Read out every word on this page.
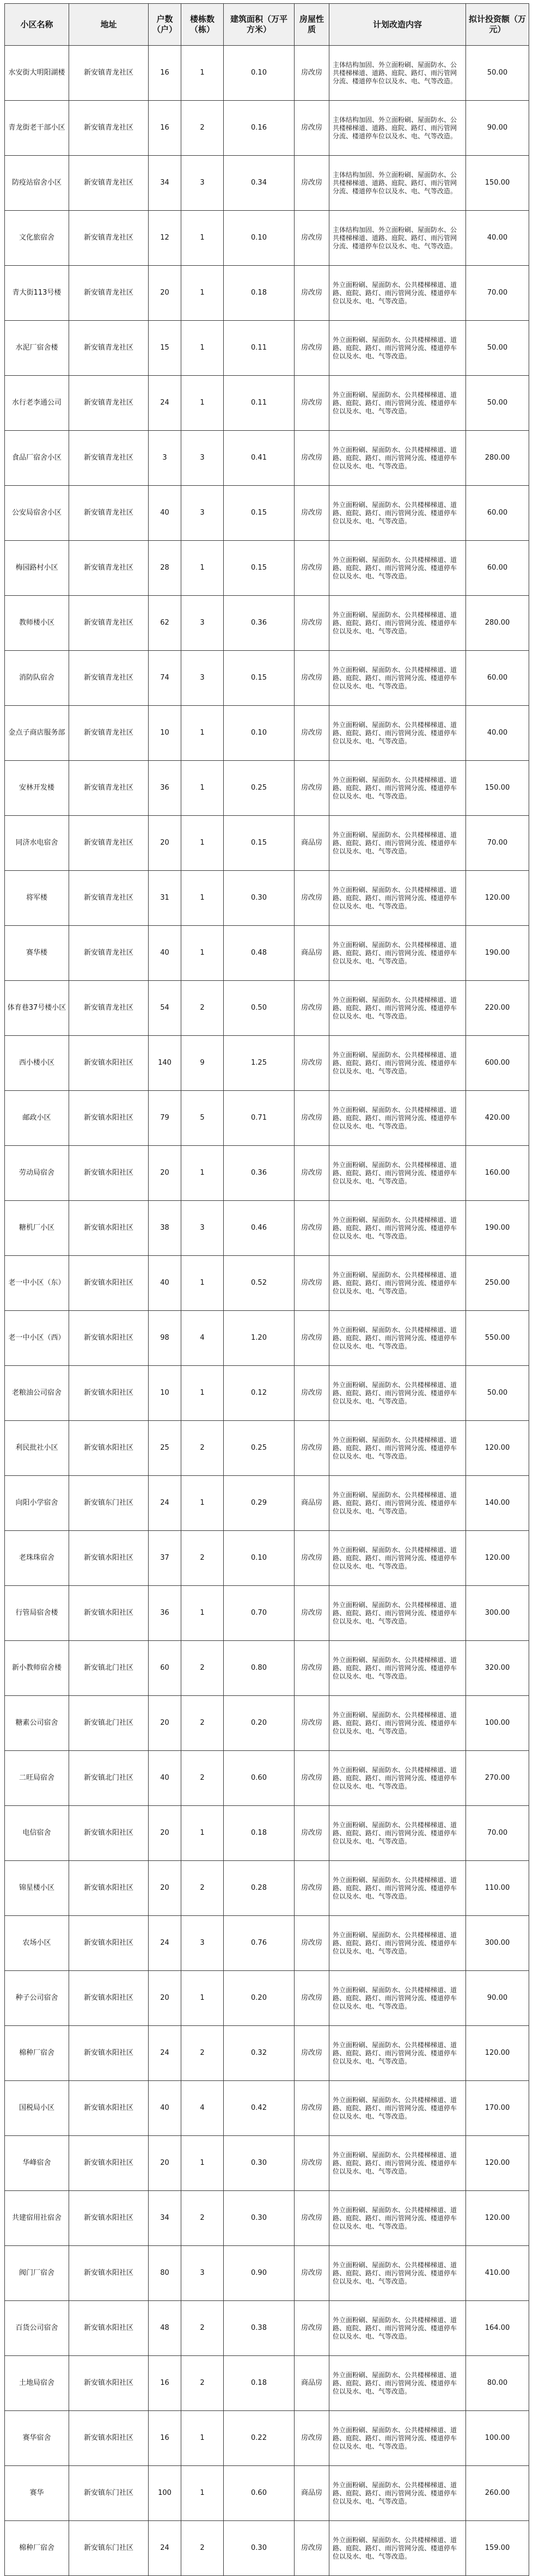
小区名称	地址	户数（户）	楼栋数（栋）	建筑面积（万平方米）	房屋性质	计划改造内容	拟计投资额（万元）
水安街大明阳湖楼	新安镇青龙社区	16	1	0.10	房改房	主体结构加固、外立面粉刷、屋面防水、公共楼梯梯道、道路、庭院、路灯、雨污管网分流、楼道停车位以及水、电、气等改造。	50.00
青龙街老干部小区	新安镇青龙社区	16	2	0.16	房改房	主体结构加固、外立面粉刷、屋面防水、公共楼梯梯道、道路、庭院、路灯、雨污管网分流、楼道停车位以及水、电、气等改造。	90.00
防疫站宿舍小区	新安镇青龙社区	34	3	0.34	房改房	主体结构加固、外立面粉刷、屋面防水、公共楼梯梯道、道路、庭院、路灯、雨污管网分流、楼道停车位以及水、电、气等改造。	150.00
文化旅宿舍	新安镇青龙社区	12	1	0.10	房改房	主体结构加固、外立面粉刷、屋面防水、公共楼梯梯道、道路、庭院、路灯、雨污管网分流、楼道停车位以及水、电、气等改造。	40.00
青大街113号楼	新安镇青龙社区	20	1	0.18	房改房	外立面粉刷、屋面防水、公共楼梯梯道、道路、庭院、路灯、雨污管网分流、楼道停车位以及水、电、气等改造。	70.00
水泥厂宿舍楼	新安镇青龙社区	15	1	0.11	房改房	外立面粉刷、屋面防水、公共楼梯梯道、道路、庭院、路灯、雨污管网分流、楼道停车位以及水、电、气等改造。	50.00
水行老李通公司	新安镇青龙社区	24	1	0.11	房改房	外立面粉刷、屋面防水、公共楼梯梯道、道路、庭院、路灯、雨污管网分流、楼道停车位以及水、电、气等改造。	50.00
食品厂宿舍小区	新安镇青龙社区	3	3	0.41	房改房	外立面粉刷、屋面防水、公共楼梯梯道、道路、庭院、路灯、雨污管网分流、楼道停车位以及水、电、气等改造。	280.00
公安局宿舍小区	新安镇青龙社区	40	3	0.15	房改房	外立面粉刷、屋面防水、公共楼梯梯道、道路、庭院、路灯、雨污管网分流、楼道停车位以及水、电、气等改造。	60.00
梅园路村小区	新安镇青龙社区	28	1	0.15	房改房	外立面粉刷、屋面防水、公共楼梯梯道、道路、庭院、路灯、雨污管网分流、楼道停车位以及水、电、气等改造。	60.00
教师楼小区	新安镇青龙社区	62	3	0.36	房改房	外立面粉刷、屋面防水、公共楼梯梯道、道路、庭院、路灯、雨污管网分流、楼道停车位以及水、电、气等改造。	280.00
消防队宿舍	新安镇青龙社区	74	3	0.15	房改房	外立面粉刷、屋面防水、公共楼梯梯道、道路、庭院、路灯、雨污管网分流、楼道停车位以及水、电、气等改造。	60.00
金点子商店服务部	新安镇青龙社区	10	1	0.10	房改房	外立面粉刷、屋面防水、公共楼梯梯道、道路、庭院、路灯、雨污管网分流、楼道停车位以及水、电、气等改造。	40.00
安林开发楼	新安镇青龙社区	36	1	0.25	房改房	外立面粉刷、屋面防水、公共楼梯梯道、道路、庭院、路灯、雨污管网分流、楼道停车位以及水、电、气等改造。	150.00
同济水电宿舍	新安镇青龙社区	20	1	0.15	商品房	外立面粉刷、屋面防水、公共楼梯梯道、道路、庭院、路灯、雨污管网分流、楼道停车位以及水、电、气等改造。	70.00
将军楼	新安镇青龙社区	31	1	0.30	房改房	外立面粉刷、屋面防水、公共楼梯梯道、道路、庭院、路灯、雨污管网分流、楼道停车位以及水、电、气等改造。	120.00
赛华楼	新安镇青龙社区	40	1	0.48	商品房	外立面粉刷、屋面防水、公共楼梯梯道、道路、庭院、路灯、雨污管网分流、楼道停车位以及水、电、气等改造。	190.00
体育巷37号楼小区	新安镇青龙社区	54	2	0.50	房改房	外立面粉刷、屋面防水、公共楼梯梯道、道路、庭院、路灯、雨污管网分流、楼道停车位以及水、电、气等改造。	220.00
西小楼小区	新安镇水阳社区	140	9	1.25	房改房	外立面粉刷、屋面防水、公共楼梯梯道、道路、庭院、路灯、雨污管网分流、楼道停车位以及水、电、气等改造。	600.00
邮政小区	新安镇水阳社区	79	5	0.71	房改房	外立面粉刷、屋面防水、公共楼梯梯道、道路、庭院、路灯、雨污管网分流、楼道停车位以及水、电、气等改造。	420.00
劳动局宿舍	新安镇水阳社区	20	1	0.36	房改房	外立面粉刷、屋面防水、公共楼梯梯道、道路、庭院、路灯、雨污管网分流、楼道停车位以及水、电、气等改造。	160.00
糖机厂小区	新安镇水阳社区	38	3	0.46	房改房	外立面粉刷、屋面防水、公共楼梯梯道、道路、庭院、路灯、雨污管网分流、楼道停车位以及水、电、气等改造。	190.00
老一中小区（东）	新安镇水阳社区	40	1	0.52	房改房	外立面粉刷、屋面防水、公共楼梯梯道、道路、庭院、路灯、雨污管网分流、楼道停车位以及水、电、气等改造。	250.00
老一中小区（西）	新安镇水阳社区	98	4	1.20	房改房	外立面粉刷、屋面防水、公共楼梯梯道、道路、庭院、路灯、雨污管网分流、楼道停车位以及水、电、气等改造。	550.00
老粮油公司宿舍	新安镇水阳社区	10	1	0.12	房改房	外立面粉刷、屋面防水、公共楼梯梯道、道路、庭院、路灯、雨污管网分流、楼道停车位以及水、电、气等改造。	50.00
利民批社小区	新安镇水阳社区	25	2	0.25	房改房	外立面粉刷、屋面防水、公共楼梯梯道、道路、庭院、路灯、雨污管网分流、楼道停车位以及水、电、气等改造。	120.00
向阳小学宿舍	新安镇东门社区	24	1	0.29	商品房	外立面粉刷、屋面防水、公共楼梯梯道、道路、庭院、路灯、雨污管网分流、楼道停车位以及水、电、气等改造。	140.00
老珠珠宿舍	新安镇水阳社区	37	2	0.10	房改房	外立面粉刷、屋面防水、公共楼梯梯道、道路、庭院、路灯、雨污管网分流、楼道停车位以及水、电、气等改造。	120.00
行管局宿舍楼	新安镇水阳社区	36	1	0.70	房改房	外立面粉刷、屋面防水、公共楼梯梯道、道路、庭院、路灯、雨污管网分流、楼道停车位以及水、电、气等改造。	300.00
新小教师宿舍楼	新安镇北门社区	60	2	0.80	房改房	外立面粉刷、屋面防水、公共楼梯梯道、道路、庭院、路灯、雨污管网分流、楼道停车位以及水、电、气等改造。	320.00
糖素公司宿舍	新安镇北门社区	20	2	0.20	房改房	外立面粉刷、屋面防水、公共楼梯梯道、道路、庭院、路灯、雨污管网分流、楼道停车位以及水、电、气等改造。	100.00
二旺局宿舍	新安镇北门社区	40	2	0.60	房改房	外立面粉刷、屋面防水、公共楼梯梯道、道路、庭院、路灯、雨污管网分流、楼道停车位以及水、电、气等改造。	270.00
电信宿舍	新安镇水阳社区	20	1	0.18	房改房	外立面粉刷、屋面防水、公共楼梯梯道、道路、庭院、路灯、雨污管网分流、楼道停车位以及水、电、气等改造。	70.00
锦星楼小区	新安镇水阳社区	20	2	0.28	房改房	外立面粉刷、屋面防水、公共楼梯梯道、道路、庭院、路灯、雨污管网分流、楼道停车位以及水、电、气等改造。	110.00
农场小区	新安镇水阳社区	24	3	0.76	房改房	外立面粉刷、屋面防水、公共楼梯梯道、道路、庭院、路灯、雨污管网分流、楼道停车位以及水、电、气等改造。	300.00
种子公司宿舍	新安镇水阳社区	20	1	0.20	房改房	外立面粉刷、屋面防水、公共楼梯梯道、道路、庭院、路灯、雨污管网分流、楼道停车位以及水、电、气等改造。	90.00
棉种厂宿舍	新安镇水阳社区	24	2	0.32	房改房	外立面粉刷、屋面防水、公共楼梯梯道、道路、庭院、路灯、雨污管网分流、楼道停车位以及水、电、气等改造。	120.00
国税局小区	新安镇水阳社区	40	4	0.42	房改房	外立面粉刷、屋面防水、公共楼梯梯道、道路、庭院、路灯、雨污管网分流、楼道停车位以及水、电、气等改造。	170.00
华峰宿舍	新安镇水阳社区	20	1	0.30	房改房	外立面粉刷、屋面防水、公共楼梯梯道、道路、庭院、路灯、雨污管网分流、楼道停车位以及水、电、气等改造。	120.00
共建宿用社宿舍	新安镇水阳社区	34	2	0.30	房改房	外立面粉刷、屋面防水、公共楼梯梯道、道路、庭院、路灯、雨污管网分流、楼道停车位以及水、电、气等改造。	120.00
阀门厂宿舍	新安镇水阳社区	80	3	0.90	房改房	外立面粉刷、屋面防水、公共楼梯梯道、道路、庭院、路灯、雨污管网分流、楼道停车位以及水、电、气等改造。	410.00
百货公司宿舍	新安镇水阳社区	48	2	0.38	房改房	外立面粉刷、屋面防水、公共楼梯梯道、道路、庭院、路灯、雨污管网分流、楼道停车位以及水、电、气等改造。	164.00
土地局宿舍	新安镇水阳社区	16	2	0.18	商品房	外立面粉刷、屋面防水、公共楼梯梯道、道路、庭院、路灯、雨污管网分流、楼道停车位以及水、电、气等改造。	80.00
赛华宿舍	新安镇水阳社区	16	1	0.22	房改房	外立面粉刷、屋面防水、公共楼梯梯道、道路、庭院、路灯、雨污管网分流、楼道停车位以及水、电、气等改造。	100.00
赛华	新安镇东门社区	100	1	0.60	商品房	外立面粉刷、屋面防水、公共楼梯梯道、道路、庭院、路灯、雨污管网分流、楼道停车位以及水、电、气等改造。	260.00
棉种厂宿舍	新安镇东门社区	24	2	0.30	房改房	外立面粉刷、屋面防水、公共楼梯梯道、道路、庭院、路灯、雨污管网分流、楼道停车位以及水、电、气等改造。	159.00
